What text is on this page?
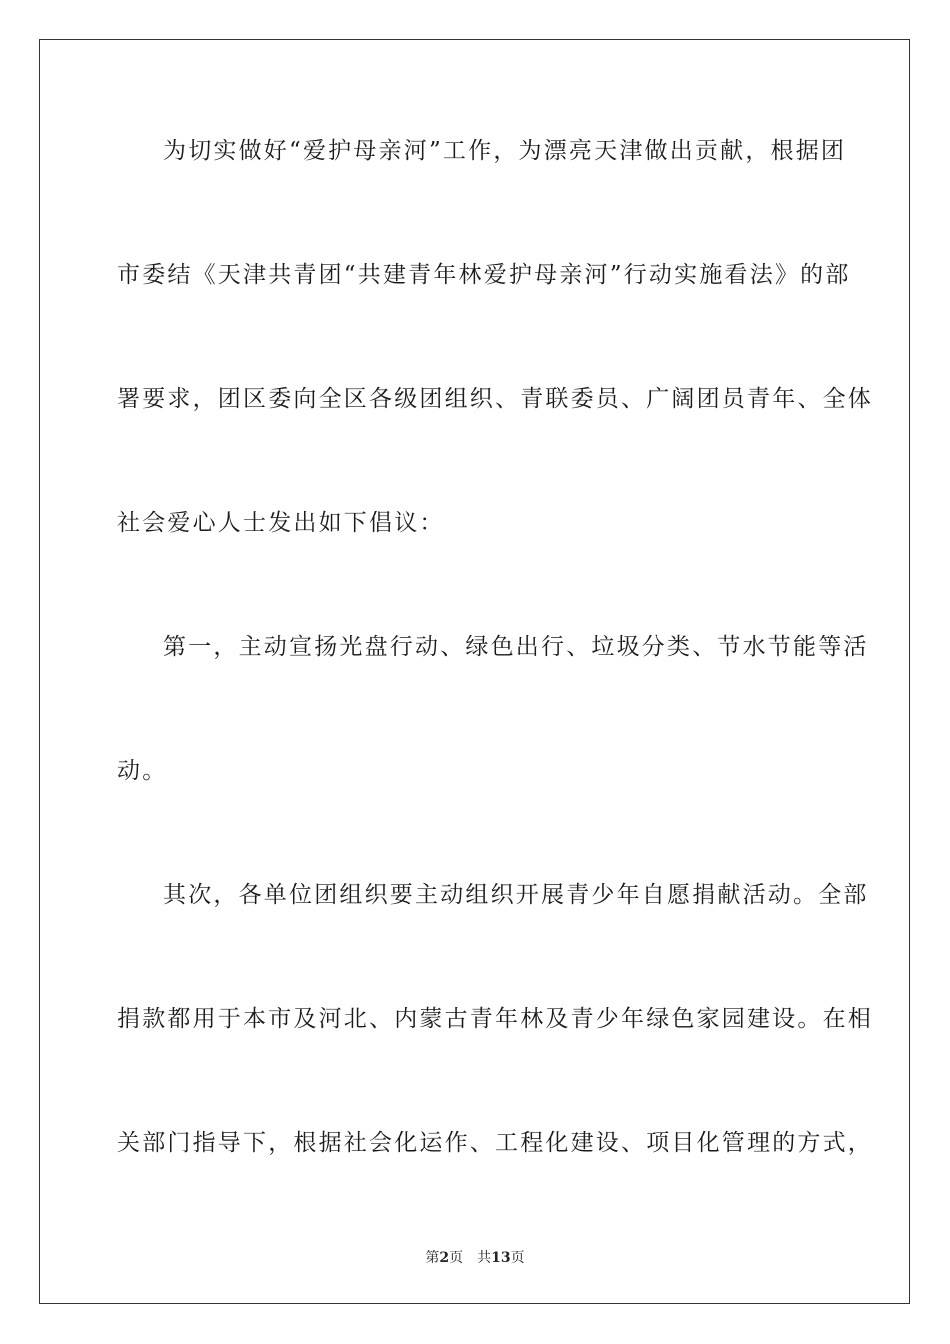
为切实做好“爱护母亲河”工作，为漂亮天津做出贡献，根据团
市委结《天津共青团“共建青年林爱护母亲河”行动实施看法》的部
署要求，团区委向全区各级团组织、青联委员、广阔团员青年、全体
社会爱心人士发出如下倡议：
第一，主动宣扬光盘行动、绿色出行、垃圾分类、节水节能等活
动。
其次，各单位团组织要主动组织开展青少年自愿捐献活动。全部
捐款都用于本市及河北、内蒙古青年林及青少年绿色家园建设。在相
关部门指导下，根据社会化运作、工程化建设、项目化管理的方式，
第2页 共13页
